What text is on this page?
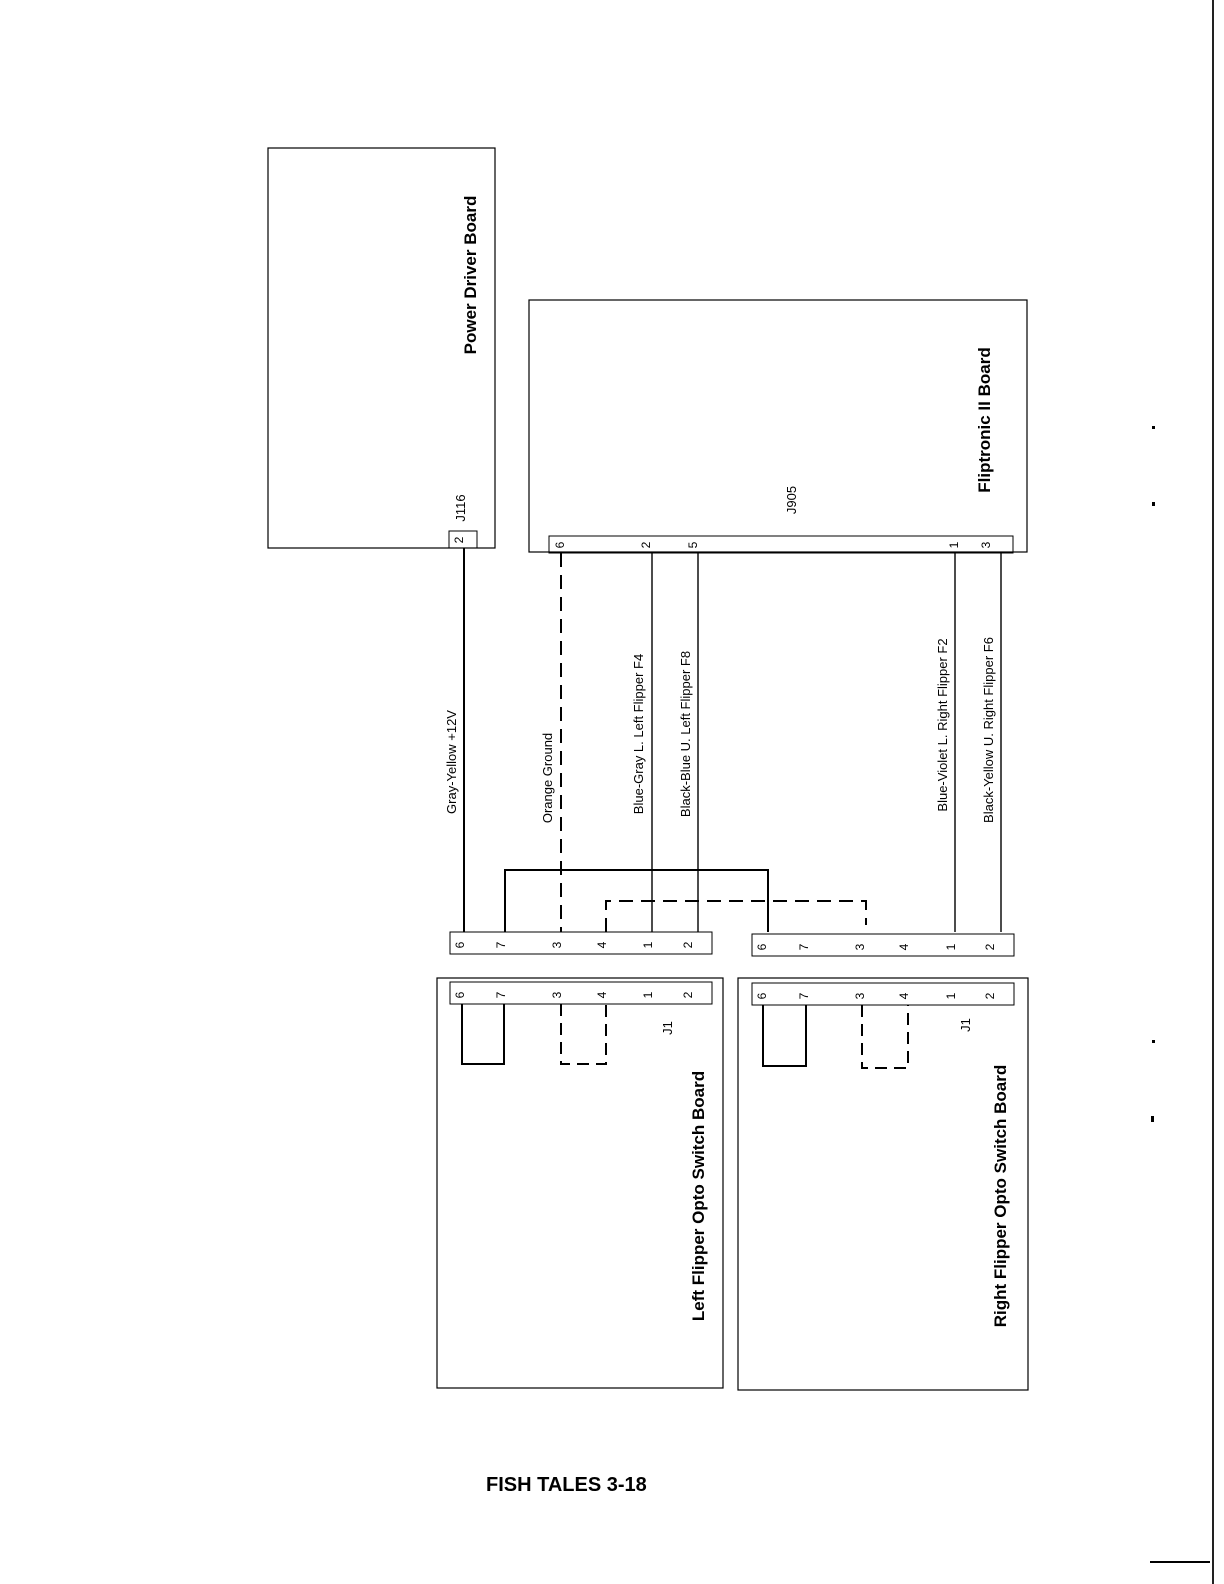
Power Driver Board
2
J116
Fliptronic II Board
J905
6	2	5	1 3
Gray-Yellow +12V	Orange Ground	Blue-Gray L. Left Flipper F4 Black-Blue U. Left Flipper F8	Blue-Violet L. Right Flipper F2 Black-Yellow U. Right Flipper F6
6 7	3	4	1 2	6 7	3	4	1 2
6 7	3	4	1 2
J1
Left Flipper Opto Switch Board
6 7	3	4	1 2
J1
Right Flipper Opto Switch Board
FISH TALES 3-18
